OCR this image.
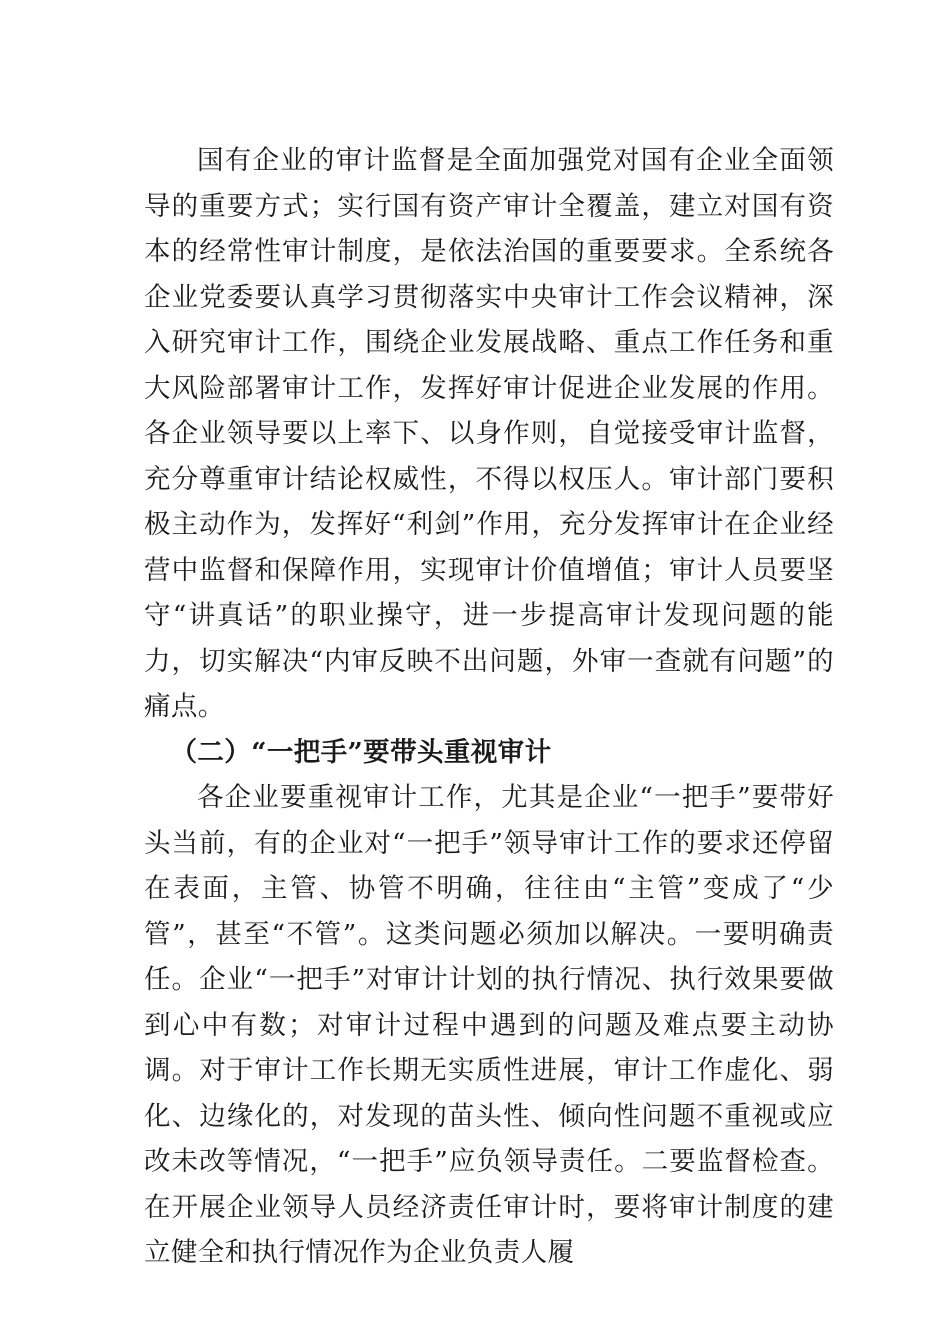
国有企业的审计监督是全面加强党对国有企业全面领导的重要方式；实行国有资产审计全覆盖，建立对国有资本的经常性审计制度，是依法治国的重要要求。全系统各企业党委要认真学习贯彻落实中央审计工作会议精神，深入研究审计工作，围绕企业发展战略、重点工作任务和重大风险部署审计工作，发挥好审计促进企业发展的作用。各企业领导要以上率下、以身作则，自觉接受审计监督，充分尊重审计结论权威性，不得以权压人。审计部门要积极主动作为，发挥好“利剑”作用，充分发挥审计在企业经营中监督和保障作用，实现审计价值增值；审计人员要坚守“讲真话”的职业操守，进一步提高审计发现问题的能力，切实解决“内审反映不出问题，外审一查就有问题”的痛点。

（二）“一把手”要带头重视审计

各企业要重视审计工作，尤其是企业“一把手”要带好头当前，有的企业对“一把手”领导审计工作的要求还停留在表面，主管、协管不明确，往往由“主管”变成了“少管”，甚至“不管”。这类问题必须加以解决。一要明确责任。企业“一把手”对审计计划的执行情况、执行效果要做到心中有数；对审计过程中遇到的问题及难点要主动协调。对于审计工作长期无实质性进展，审计工作虚化、弱化、边缘化的，对发现的苗头性、倾向性问题不重视或应改未改等情况，“一把手”应负领导责任。二要监督检查。在开展企业领导人员经济责任审计时，要将审计制度的建立健全和执行情况作为企业负责人履
